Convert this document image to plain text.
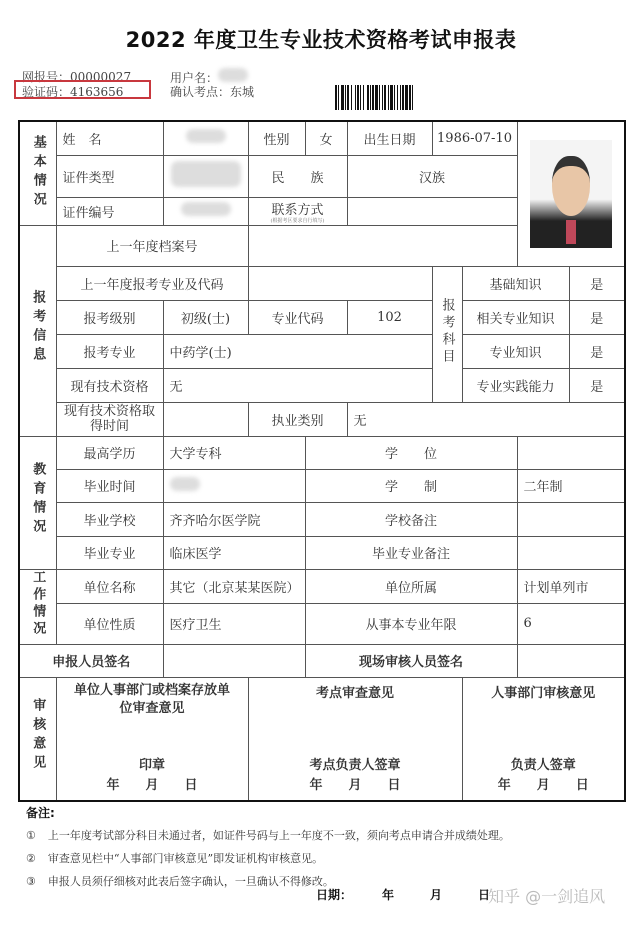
2022 年度卫生专业技术资格考试申报表
网报号：00000027
验证码：4163656
用户名：
确认考点：东城
基本情况	姓　名		性别	女	出生日期	1986-07-10			

	证件类型		民　　族		汉族				
	证件编号		联系方式
(根据考区要求自行填写)						

报考信息	上一年度档案号								
	上一年度报考专业及代码					报考科目	基础知识		是
	报考级别	初级(士)	专业代码		102		相关专业知识		是
	报考专业	中药学(士)					专业知识		是
	现有技术资格	无					专业实践能力		是
	现有技术资格取得时间		执业类别		无				
教育情况	最高学历	大学专科		学　　位					
	毕业时间			学　　制				二年制	
	毕业学校	齐齐哈尔医学院		学校备注					
	毕业专业	临床医学		毕业专业备注					
工作情况	单位名称	其它（北京某某医院）		单位所属				计划单列市	
	单位性质	医疗卫生		从事本专业年限				6	
申报人员签名				现场审核人员签名					
审核意见	
单位人事部门或档案存放单位审查意见
印章
年　　月　　日

考点审查意见
考点负责人签章
年　　月　　日

人事部门审核意见
负责人签章
年　　月　　日
备注:
① 上一年度考试部分科目未通过者，如证件号码与上一年度不一致，须向考点申请合并成绩处理。
② 审查意见栏中“人事部门审核意见”即发证机构审核意见。
③ 申报人员须仔细核对此表后签字确认，一旦确认不得修改。
日期：　　　年　　　月　　　日
知乎 @一剑追风
